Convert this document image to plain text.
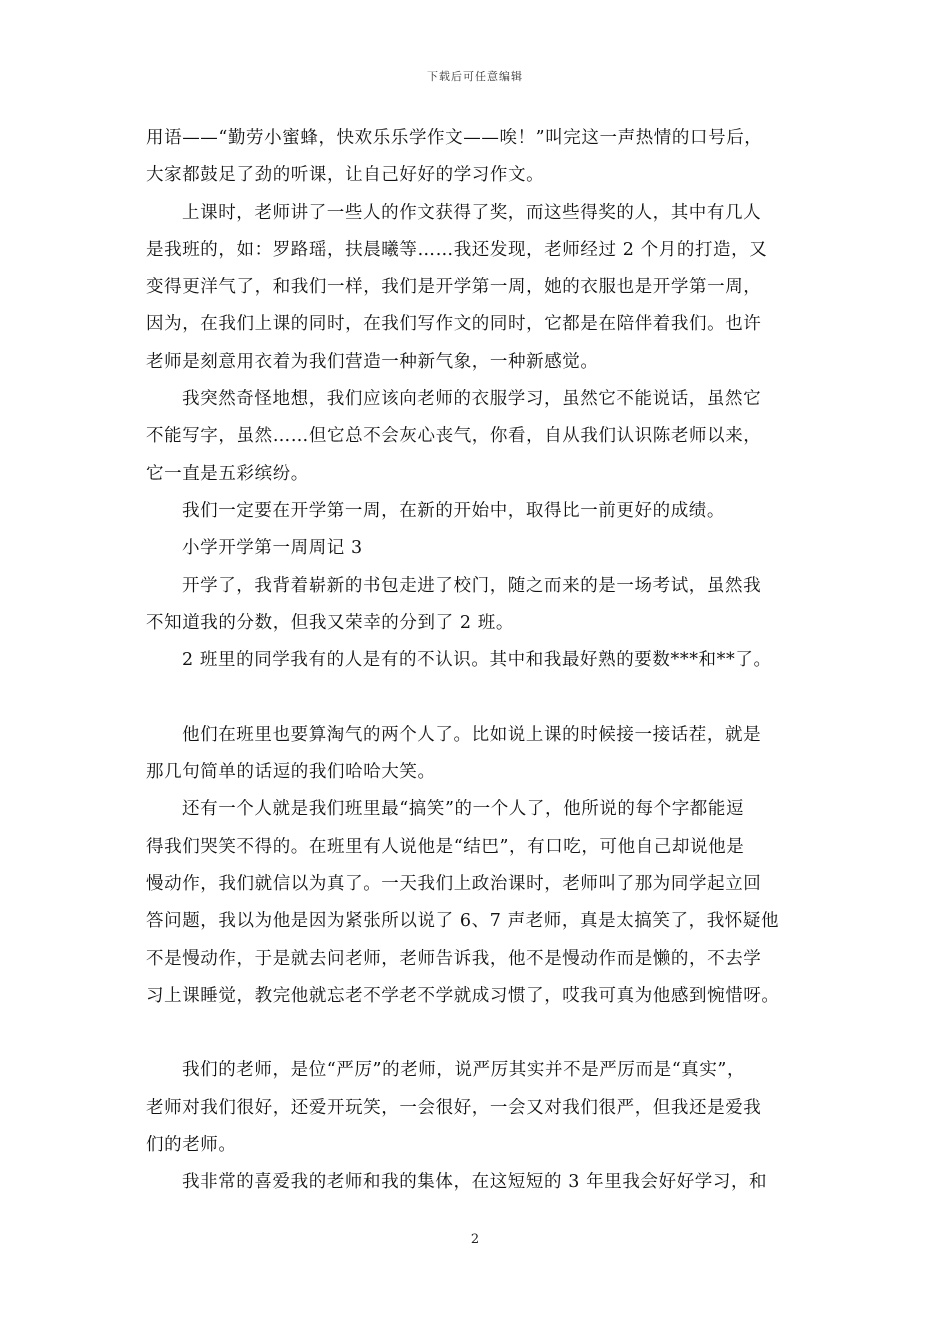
下载后可任意编辑
用语——“勤劳小蜜蜂，快欢乐乐学作文——唉！”叫完这一声热情的口号后，
大家都鼓足了劲的听课，让自己好好的学习作文。
上课时，老师讲了一些人的作文获得了奖，而这些得奖的人，其中有几人
是我班的，如：罗路瑶，扶晨曦等……我还发现，老师经过 2 个月的打造，又
变得更洋气了，和我们一样，我们是开学第一周，她的衣服也是开学第一周，
因为，在我们上课的同时，在我们写作文的同时，它都是在陪伴着我们。也许
老师是刻意用衣着为我们营造一种新气象，一种新感觉。
我突然奇怪地想，我们应该向老师的衣服学习，虽然它不能说话，虽然它
不能写字，虽然……但它总不会灰心丧气，你看，自从我们认识陈老师以来，
它一直是五彩缤纷。
我们一定要在开学第一周，在新的开始中，取得比一前更好的成绩。
小学开学第一周周记 3
开学了，我背着崭新的书包走进了校门，随之而来的是一场考试，虽然我
不知道我的分数，但我又荣幸的分到了 2 班。
2 班里的同学我有的人是有的不认识。其中和我最好熟的要数***和**了。
他们在班里也要算淘气的两个人了。比如说上课的时候接一接话茬，就是
那几句简单的话逗的我们哈哈大笑。
还有一个人就是我们班里最“搞笑”的一个人了，他所说的每个字都能逗
得我们哭笑不得的。在班里有人说他是“结巴”，有口吃，可他自己却说他是
慢动作，我们就信以为真了。一天我们上政治课时，老师叫了那为同学起立回
答问题，我以为他是因为紧张所以说了 6、7 声老师，真是太搞笑了，我怀疑他
不是慢动作，于是就去问老师，老师告诉我，他不是慢动作而是懒的，不去学
习上课睡觉，教完他就忘老不学老不学就成习惯了，哎我可真为他感到惋惜呀。
我们的老师，是位“严厉”的老师，说严厉其实并不是严厉而是“真实”，
老师对我们很好，还爱开玩笑，一会很好，一会又对我们很严，但我还是爱我
们的老师。
我非常的喜爱我的老师和我的集体，在这短短的 3 年里我会好好学习，和
2
